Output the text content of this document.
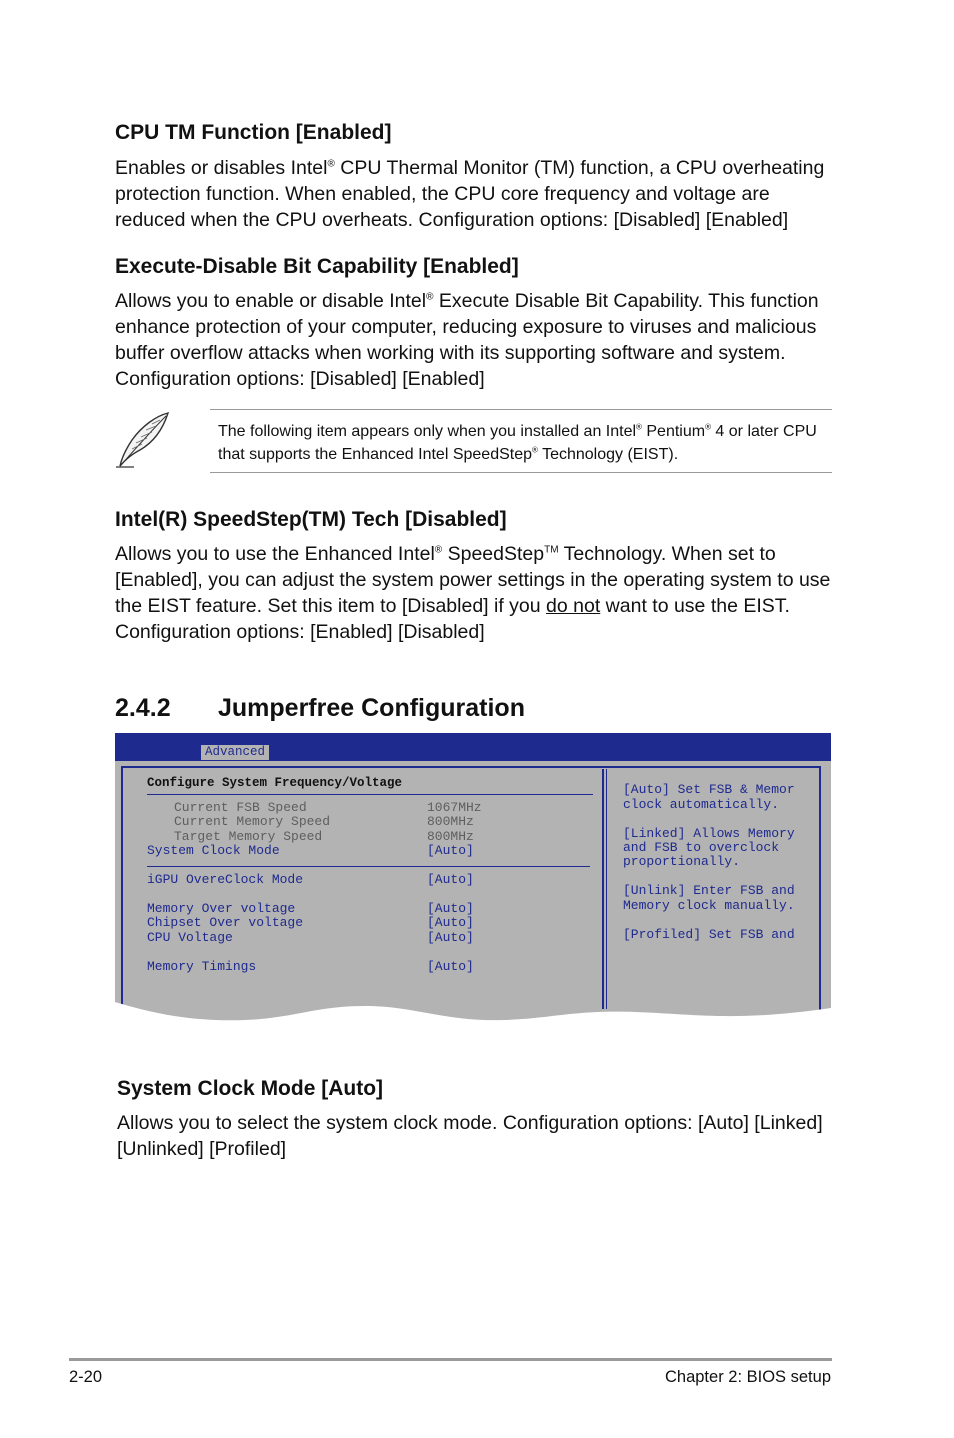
CPU TM Function [Enabled]

Enables or disables Intel® CPU Thermal Monitor (TM) function, a CPU overheating protection function. When enabled, the CPU core frequency and voltage are reduced when the CPU overheats. Configuration options: [Disabled] [Enabled]

Execute-Disable Bit Capability [Enabled]

Allows you to enable or disable Intel® Execute Disable Bit Capability. This function enhance protection of your computer, reducing exposure to viruses and malicious buffer overflow attacks when working with its supporting software and system. Configuration options: [Disabled] [Enabled]

The following item appears only when you installed an Intel® Pentium® 4 or later CPU that supports the Enhanced Intel SpeedStep® Technology (EIST).

Intel(R) SpeedStep(TM) Tech [Disabled]

Allows you to use the Enhanced Intel® SpeedStep™ Technology. When set to [Enabled], you can adjust the system power settings in the operating system to use the EIST feature. Set this item to [Disabled] if you do not want to use the EIST. Configuration options: [Enabled] [Disabled]

2.4.2 Jumperfree Configuration
Advanced

Configure System Frequency/Voltage

Current FSB Speed	1067MHz

Current Memory Speed	800MHz

Target Memory Speed	800MHz

System Clock Mode	[Auto]

iGPU OvereClock Mode	[Auto]

Memory Over voltage	[Auto]

Chipset Over voltage	[Auto]

CPU Voltage	[Auto]

Memory Timings	[Auto]

[Auto] Set FSB & Memor

clock automatically.

[Linked] Allows Memory

and FSB to overclock

proportionally.

[Unlink] Enter FSB and

Memory clock manually.

[Profiled] Set FSB and

System Clock Mode [Auto]

Allows you to select the system clock mode. Configuration options: [Auto] [Linked] [Unlinked] [Profiled]

2-20	Chapter 2: BIOS setup
